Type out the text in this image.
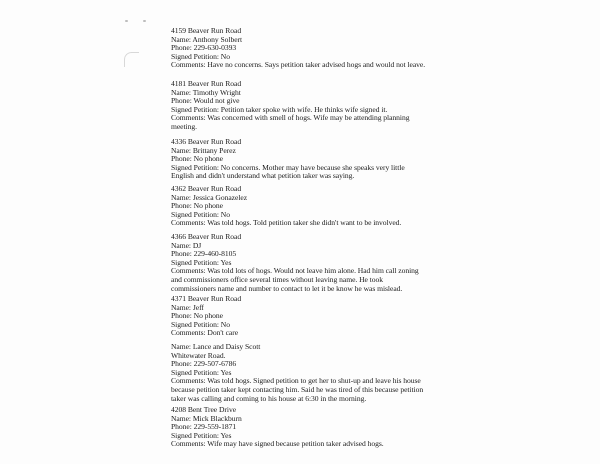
4159 Beaver Run Road
Name: Anthony Solbert
Phone: 229-630-0393
Signed Petition: No
Comments: Have no concerns. Says petition taker advised hogs and would not leave.
4181 Beaver Run Road
Name: Timothy Wright
Phone: Would not give
Signed Petition: Petition taker spoke with wife. He thinks wife signed it.
Comments: Was concerned with smell of hogs. Wife may be attending planning meeting.
4336 Beaver Run Road
Name: Brittany Perez
Phone: No phone
Signed Petition: No concerns. Mother may have because she speaks very little English and didn't understand what petition taker was saying.
4362 Beaver Run Road
Name: Jessica Gonazelez
Phone: No phone
Signed Petition: No
Comments: Was told hogs. Told petition taker she didn't want to be involved.
4366 Beaver Run Road
Name: DJ
Phone: 229-460-8105
Signed Petition: Yes
Comments: Was told lots of hogs. Would not leave him alone. Had him call zoning and commissioners office several times without leaving name. He took commissioners name and number to contact to let it be know he was mislead.
4371 Beaver Run Road
Name: Jeff
Phone: No phone
Signed Petition: No
Comments: Don't care
Name: Lance and Daisy Scott
Whitewater Road.
Phone: 229-507-6786
Signed Petition: Yes
Comments: Was told hogs. Signed petition to get her to shut-up and leave his house because petition taker kept contacting him. Said he was tired of this because petition taker was calling and coming to his house at 6:30 in the morning.
4208 Bent Tree Drive
Name: Mick Blackburn
Phone: 229-559-1871
Signed Petition: Yes
Comments: Wife may have signed because petition taker advised hogs.
